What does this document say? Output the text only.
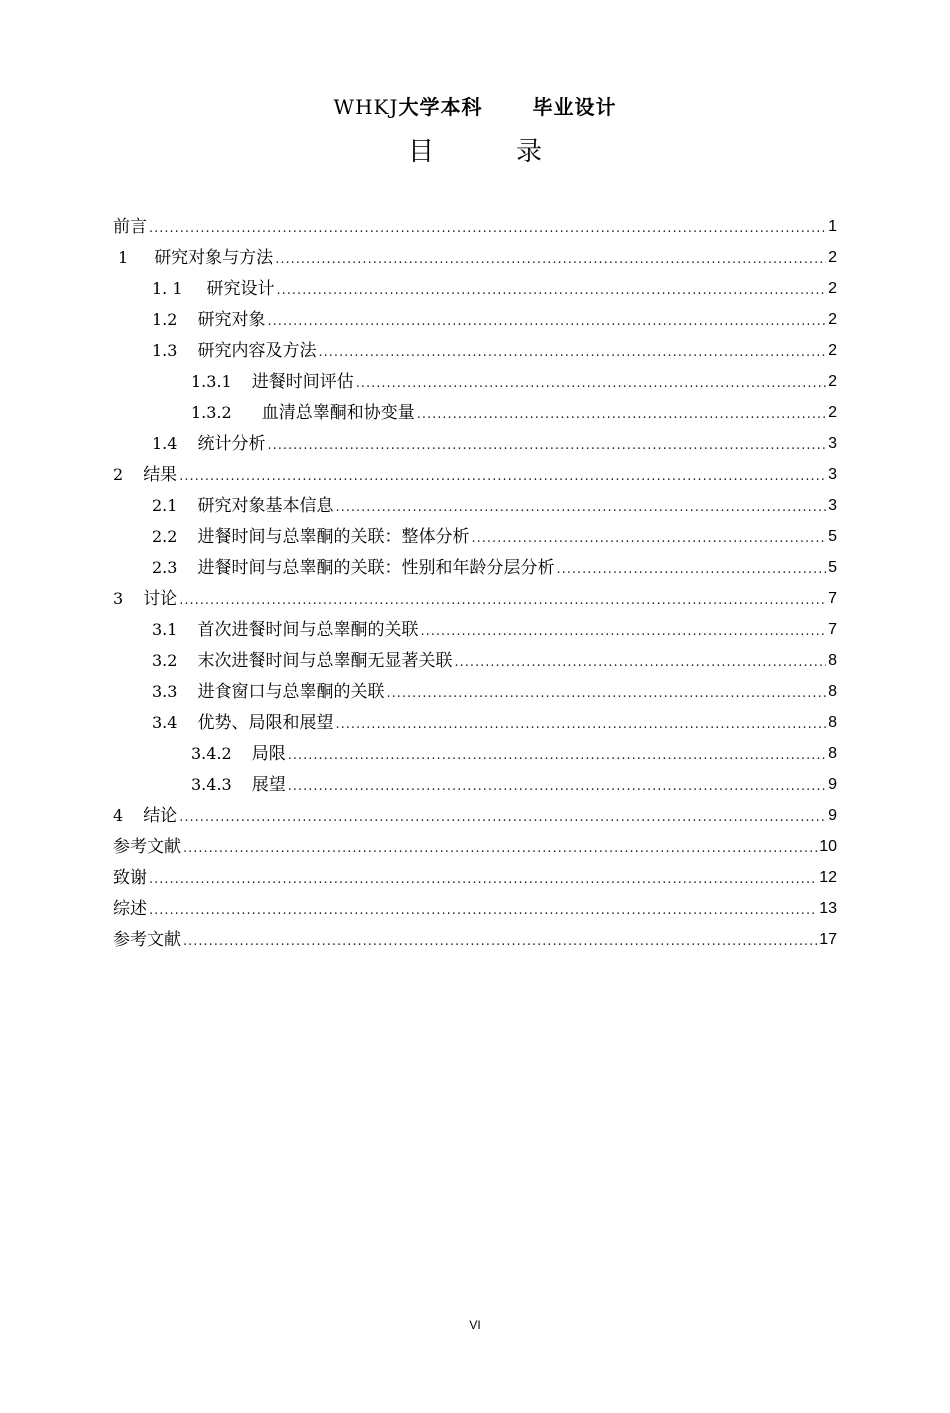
WHKJ大学本科	毕业设计
目　录
前言 .....	1
1 研究对象与方法 .....	2
1. 1 研究设计 .....	2
1.2 研究对象 .....	2
1.3 研究内容及方法 .....	2
1.3.1 进餐时间评估 .....	2
1.3.2 血清总睾酮和协变量 .....	2
1.4 统计分析 .....	3
2 结果 .....	3
2.1 研究对象基本信息 .....	3
2.2 进餐时间与总睾酮的关联：整体分析 .....	5
2.3 进餐时间与总睾酮的关联：性别和年龄分层分析 .....	5
3 讨论 .....	7
3.1 首次进餐时间与总睾酮的关联 .....	7
3.2 末次进餐时间与总睾酮无显著关联 .....	8
3.3 进食窗口与总睾酮的关联 .....	8
3.4 优势、局限和展望 .....	8
3.4.2 局限 .....	8
3.4.3 展望 .....	9
4 结论 .....	9
参考文献 .....	10
致谢 .....	12
综述 .....	13
参考文献 .....	17
VI
